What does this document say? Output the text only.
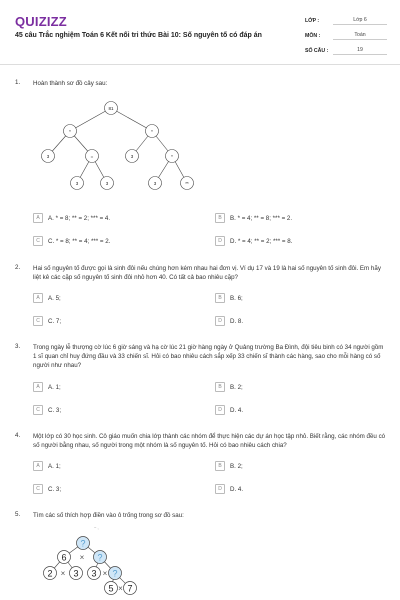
QUIZIZZ
45 câu Trắc nghiệm Toán 6 Kết nối tri thức Bài 10: Số nguyên tố có đáp án
LỚP :	Lớp 6
MÔN :	Toán
SỐ CÂU :	19
1. Hoàn thành sơ đồ cây sau:
81
*	*
3	=	3	*
3	3	3	**
A	A. * = 8; ** = 2; *** = 4.	B	B. * = 4; ** = 8; *** = 2.
C	C. * = 8; ** = 4; *** = 2.	D	D. * = 4; ** = 2; *** = 8.
2. Hai số nguyên tố được gọi là sinh đôi nếu chúng hơn kém nhau hai đơn vị. Ví dụ 17 và 19 là hai số nguyên tố sinh đôi. Em hãy liệt kê các cặp số nguyên tố sinh đôi nhỏ hơn 40. Có tất cả bao nhiêu cặp?
A	A. 5;	B	B. 6;
C	C. 7;	D	D. 8.
3. Trong ngày lễ thượng cờ lúc 6 giờ sáng và hạ cờ lúc 21 giờ hàng ngày ở Quảng trường Ba Đình, đội tiêu binh có 34 người gồm 1 sĩ quan chỉ huy đứng đầu và 33 chiến sĩ. Hỏi có bao nhiêu cách sắp xếp 33 chiến sĩ thành các hàng, sao cho mỗi hàng có số người như nhau?
A	A. 1;	B	B. 2;
C	C. 3;	D	D. 4.
4. Một lớp có 30 học sinh. Cô giáo muốn chia lớp thành các nhóm để thực hiện các dự án học tập nhỏ. Biết rằng, các nhóm đều có số người bằng nhau, số người trong một nhóm là số nguyên tố. Hỏi có bao nhiêu cách chia?
A	A. 1;	B	B. 2;
C	C. 3;	D	D. 4.
5. Tìm các số thích hợp điền vào ô trống trong sơ đồ sau:
~ ,
?
6	?
2 3 3 ?
5 7
×
×	×
×
